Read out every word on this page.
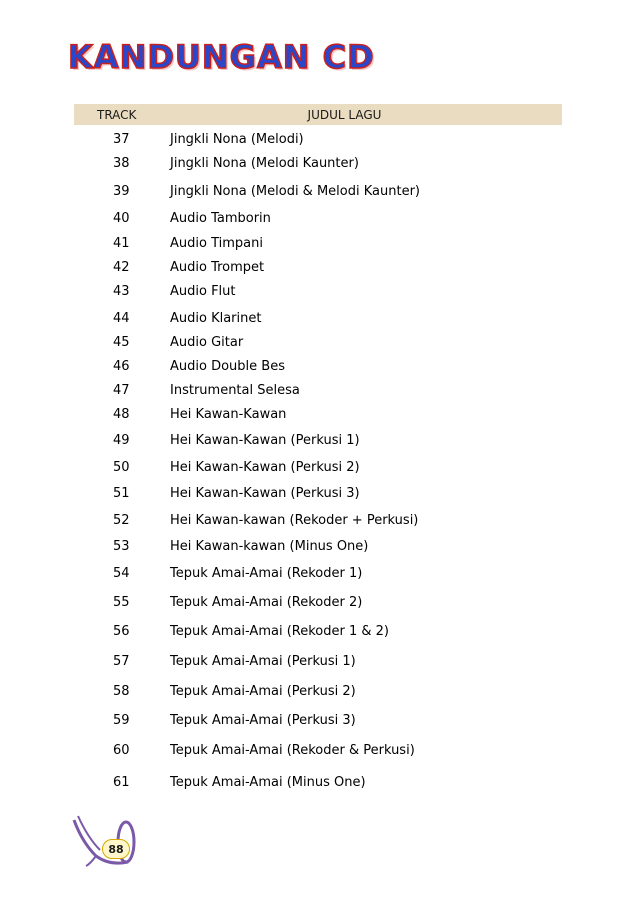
KANDUNGAN CD
TRACK	JUDUL LAGU
37	Jingkli Nona (Melodi)
38	Jingkli Nona (Melodi Kaunter)
39	Jingkli Nona (Melodi & Melodi Kaunter)
40	Audio Tamborin
41	Audio Timpani
42	Audio Trompet
43	Audio Flut
44	Audio Klarinet
45	Audio Gitar
46	Audio Double Bes
47	Instrumental Selesa
48	Hei Kawan-Kawan
49	Hei Kawan-Kawan (Perkusi 1)
50	Hei Kawan-Kawan (Perkusi 2)
51	Hei Kawan-Kawan (Perkusi 3)
52	Hei Kawan-kawan (Rekoder + Perkusi)
53	Hei Kawan-kawan (Minus One)
54	Tepuk Amai-Amai (Rekoder 1)
55	Tepuk Amai-Amai (Rekoder 2)
56	Tepuk Amai-Amai (Rekoder 1 & 2)
57	Tepuk Amai-Amai (Perkusi 1)
58	Tepuk Amai-Amai (Perkusi 2)
59	Tepuk Amai-Amai (Perkusi 3)
60	Tepuk Amai-Amai (Rekoder & Perkusi)
61	Tepuk Amai-Amai (Minus One)
88
